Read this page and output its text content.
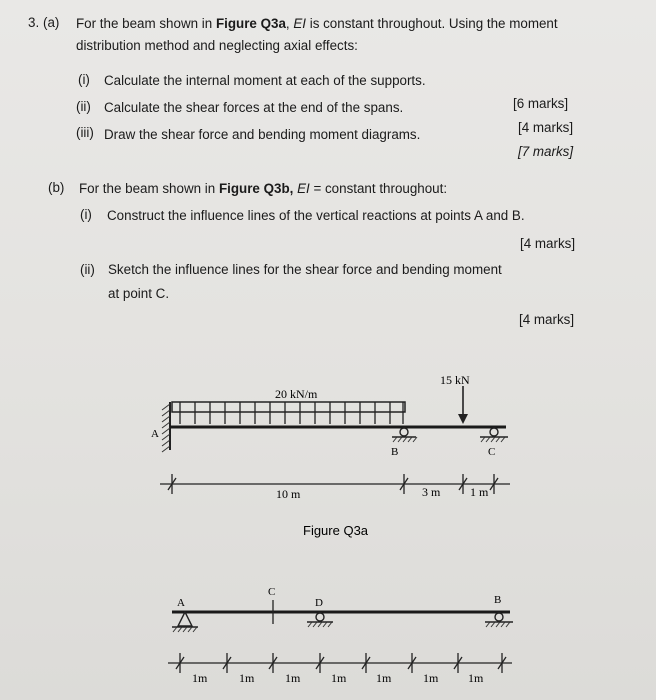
3. (a) For the beam shown in Figure Q3a, EI is constant throughout. Using the moment
distribution method and neglecting axial effects:
(i) Calculate the internal moment at each of the supports.
[6 marks]
(ii) Calculate the shear forces at the end of the spans.
[4 marks]
(iii) Draw the shear force and bending moment diagrams.
[7 marks]
(b) For the beam shown in Figure Q3b, EI = constant throughout:
(i) Construct the influence lines of the vertical reactions at points A and B.
[4 marks]
(ii) Sketch the influence lines for the shear force and bending moment
at point C.
[4 marks]
A
20 kN/m
15 kN
B	C
10 m	3 m 1 m
Figure Q3a
A
C
D	B
1m	1m	1m	1m 1m	1m 1m
